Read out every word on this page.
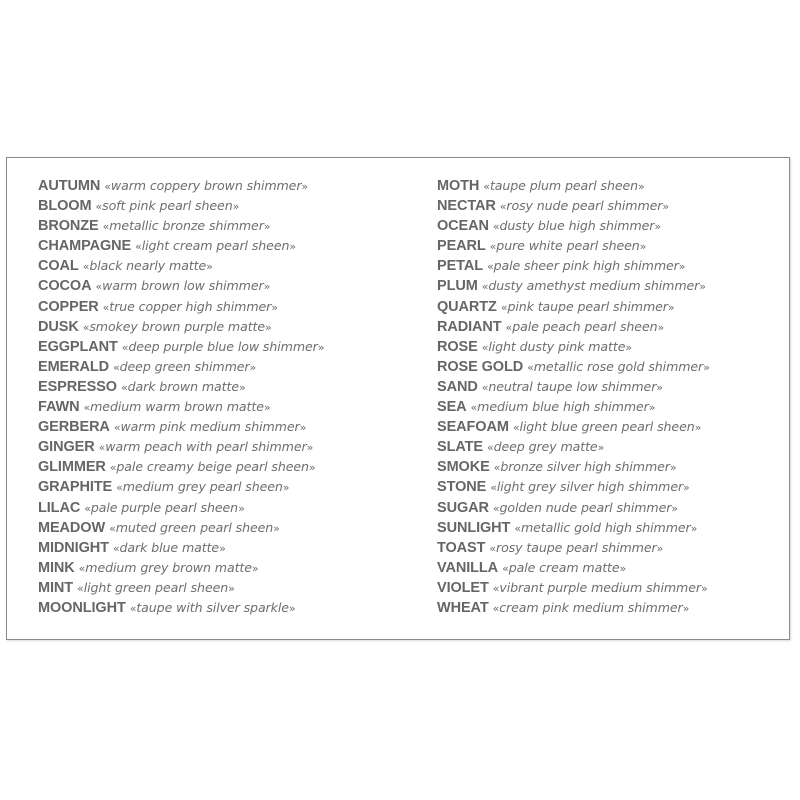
AUTUMN «warm coppery brown shimmer»
BLOOM «soft pink pearl sheen»
BRONZE «metallic bronze shimmer»
CHAMPAGNE «light cream pearl sheen»
COAL «black nearly matte»
COCOA «warm brown low shimmer»
COPPER «true copper high shimmer»
DUSK «smokey brown purple matte»
EGGPLANT «deep purple blue low shimmer»
EMERALD «deep green shimmer»
ESPRESSO «dark brown matte»
FAWN «medium warm brown matte»
GERBERA «warm pink medium shimmer»
GINGER «warm peach with pearl shimmer»
GLIMMER «pale creamy beige pearl sheen»
GRAPHITE «medium grey pearl sheen»
LILAC «pale purple pearl sheen»
MEADOW «muted green pearl sheen»
MIDNIGHT «dark blue matte»
MINK «medium grey brown matte»
MINT «light green pearl sheen»
MOONLIGHT «taupe with silver sparkle»
MOTH «taupe plum pearl sheen»
NECTAR «rosy nude pearl shimmer»
OCEAN «dusty blue high shimmer»
PEARL «pure white pearl sheen»
PETAL «pale sheer pink high shimmer»
PLUM «dusty amethyst medium shimmer»
QUARTZ «pink taupe pearl shimmer»
RADIANT «pale peach pearl sheen»
ROSE «light dusty pink matte»
ROSE GOLD «metallic rose gold shimmer»
SAND «neutral taupe low shimmer»
SEA «medium blue high shimmer»
SEAFOAM «light blue green pearl sheen»
SLATE «deep grey matte»
SMOKE «bronze silver high shimmer»
STONE «light grey silver high shimmer»
SUGAR «golden nude pearl shimmer»
SUNLIGHT «metallic gold high shimmer»
TOAST «rosy taupe pearl shimmer»
VANILLA «pale cream matte»
VIOLET «vibrant purple medium shimmer»
WHEAT «cream pink medium shimmer»
